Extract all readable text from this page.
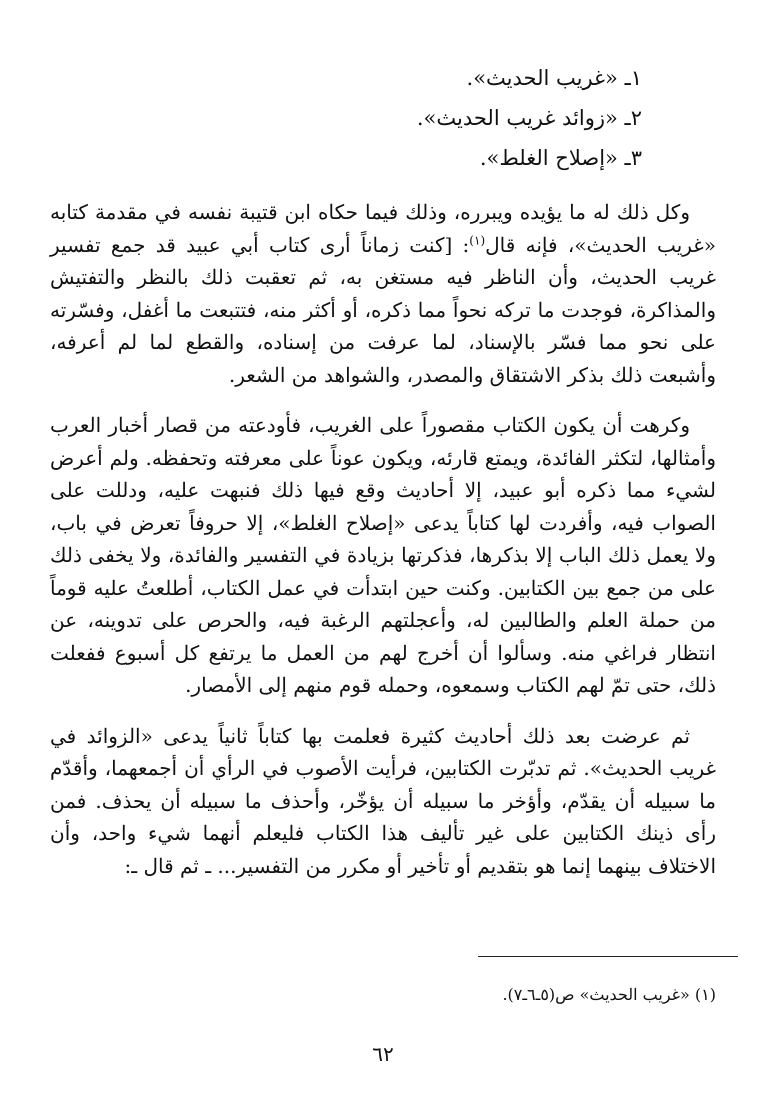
١ـ «غريب الحديث».
٢ـ «زوائد غريب الحديث».
٣ـ «إصلاح الغلط».

وكل ذلك له ما يؤيده ويبرره، وذلك فيما حكاه ابن قتيبة نفسه في مقدمة كتابه «غريب الحديث»، فإنه قال$^{(١)}$: [كنت زماناً أرى كتاب أبي عبيد قد جمع تفسير غريب الحديث، وأن الناظر فيه مستغن به، ثم تعقبت ذلك بالنظر والتفتيش والمذاكرة، فوجدت ما تركه نحواً مما ذكره، أو أكثر منه، فتتبعت ما أغفل، وفسّرته على نحو مما فسّر بالإسناد، لما عرفت من إسناده، والقطع لما لم أعرفه، وأشبعت ذلك بذكر الاشتقاق والمصدر، والشواهد من الشعر.

وكرهت أن يكون الكتاب مقصوراً على الغريب، فأودعته من قصار أخبار العرب وأمثالها، لتكثر الفائدة، ويمتع قارئه، ويكون عوناً على معرفته وتحفظه. ولم أعرض لشيء مما ذكره أبو عبيد، إلا أحاديث وقع فيها ذلك فنبهت عليه، ودللت على الصواب فيه، وأفردت لها كتاباً يدعى «إصلاح الغلط»، إلا حروفاً تعرض في باب، ولا يعمل ذلك الباب إلا بذكرها، فذكرتها بزيادة في التفسير والفائدة، ولا يخفى ذلك على من جمع بين الكتابين. وكنت حين ابتدأت في عمل الكتاب، أطلعتُ عليه قوماً من حملة العلم والطالبين له، وأعجلتهم الرغبة فيه، والحرص على تدوينه، عن انتظار فراغي منه. وسألوا أن أخرج لهم من العمل ما يرتفع كل أسبوع ففعلت ذلك، حتى تمّ لهم الكتاب وسمعوه، وحمله قوم منهم إلى الأمصار.

ثم عرضت بعد ذلك أحاديث كثيرة فعلمت بها كتاباً ثانياً يدعى «الزوائد في غريب الحديث». ثم تدبّرت الكتابين، فرأيت الأصوب في الرأي أن أجمعهما، وأقدّم ما سبيله أن يقدّم، وأؤخر ما سبيله أن يؤخّر، وأحذف ما سبيله أن يحذف. فمن رأى ذينك الكتابين على غير تأليف هذا الكتاب فليعلم أنهما شيء واحد، وأن الاختلاف بينهما إنما هو بتقديم أو تأخير أو مكرر من التفسير... ـ ثم قال ـ:

(١) «غريب الحديث» ص(٥ـ٦ـ٧).
٦٢
